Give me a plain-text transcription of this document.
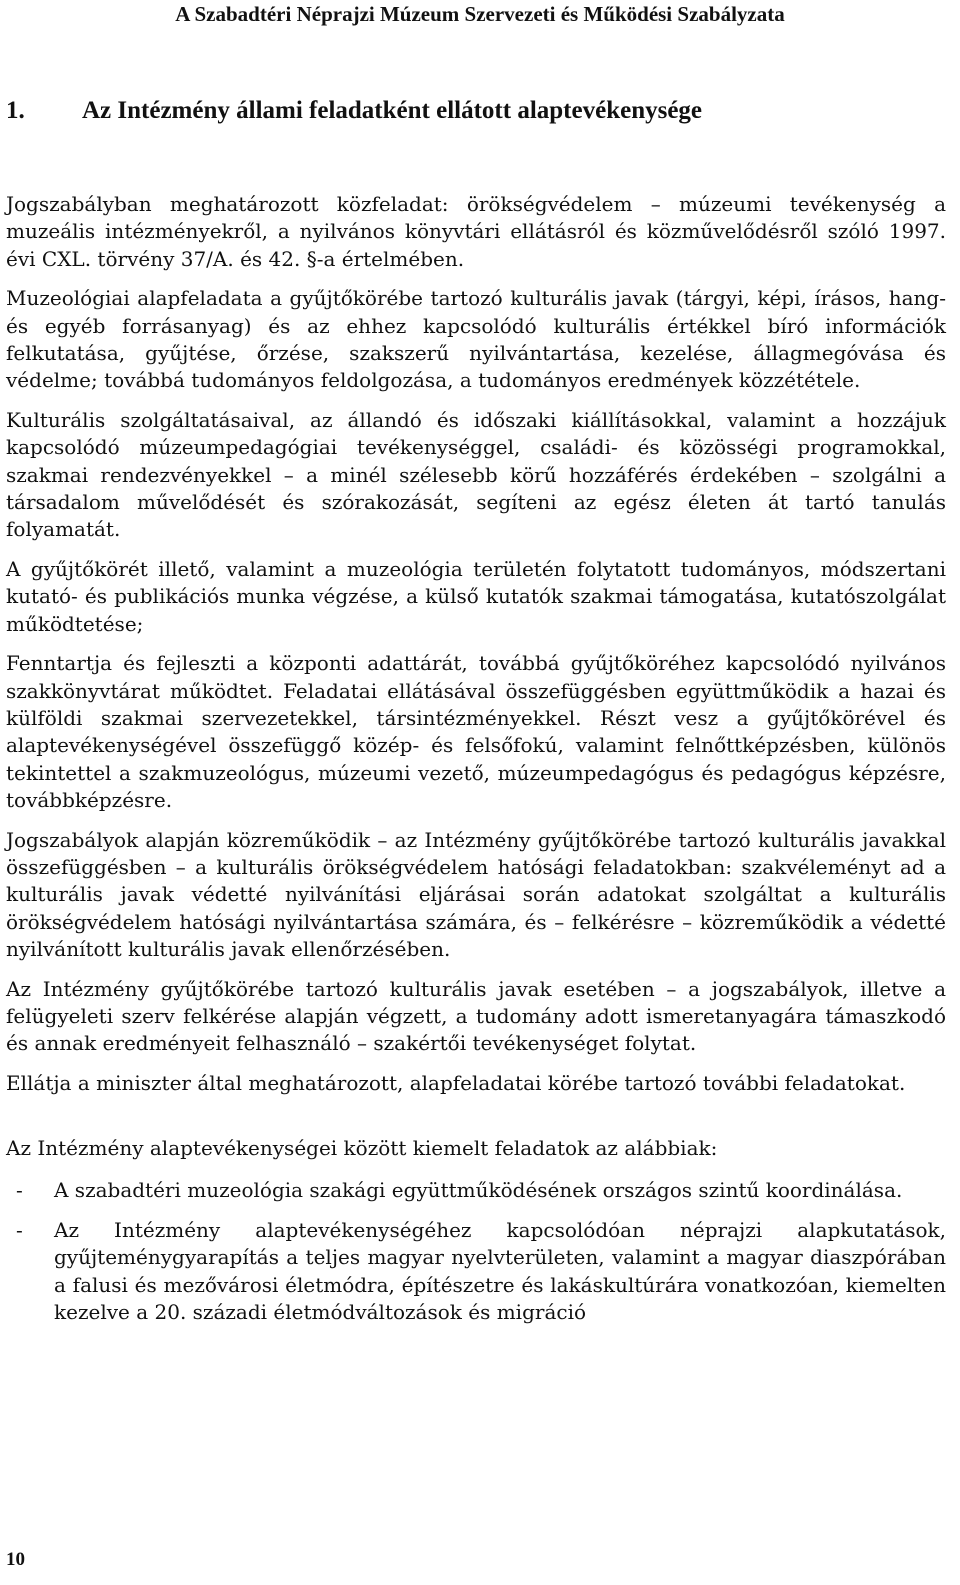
A Szabadtéri Néprajzi Múzeum Szervezeti és Működési Szabályzata
1. Az Intézmény állami feladatként ellátott alaptevékenysége

Jogszabályban meghatározott közfeladat: örökségvédelem – múzeumi tevékenység a muzeális intézményekről, a nyilvános könyvtári ellátásról és közművelődésről szóló 1997. évi CXL. törvény 37/A. és 42. §-a értelmében.

Muzeológiai alapfeladata a gyűjtőkörébe tartozó kulturális javak (tárgyi, képi, írásos, hang- és egyéb forrásanyag) és az ehhez kapcsolódó kulturális értékkel bíró információk felkutatása, gyűjtése, őrzése, szakszerű nyilvántartása, kezelése, állagmegóvása és védelme; továbbá tudományos feldolgozása, a tudományos eredmények közzététele.

Kulturális szolgáltatásaival, az állandó és időszaki kiállításokkal, valamint a hozzájuk kapcsolódó múzeumpedagógiai tevékenységgel, családi- és közösségi programokkal, szakmai rendezvényekkel – a minél szélesebb körű hozzáférés érdekében – szolgálni a társadalom művelődését és szórakozását, segíteni az egész életen át tartó tanulás folyamatát.

A gyűjtőkörét illető, valamint a muzeológia területén folytatott tudományos, módszertani kutató- és publikációs munka végzése, a külső kutatók szakmai támogatása, kutatószolgálat működtetése;

Fenntartja és fejleszti a központi adattárát, továbbá gyűjtőköréhez kapcsolódó nyilvános szakkönyvtárat működtet. Feladatai ellátásával összefüggésben együttműködik a hazai és külföldi szakmai szervezetekkel, társintézményekkel. Részt vesz a gyűjtőkörével és alaptevékenységével összefüggő közép- és felsőfokú, valamint felnőttképzésben, különös tekintettel a szakmuzeológus, múzeumi vezető, múzeumpedagógus és pedagógus képzésre, továbbképzésre.

Jogszabályok alapján közreműködik – az Intézmény gyűjtőkörébe tartozó kulturális javakkal összefüggésben – a kulturális örökségvédelem hatósági feladatokban: szakvéleményt ad a kulturális javak védetté nyilvánítási eljárásai során adatokat szolgáltat a kulturális örökségvédelem hatósági nyilvántartása számára, és – felkérésre – közreműködik a védetté nyilvánított kulturális javak ellenőrzésében.

Az Intézmény gyűjtőkörébe tartozó kulturális javak esetében – a jogszabályok, illetve a felügyeleti szerv felkérése alapján végzett, a tudomány adott ismeretanyagára támaszkodó és annak eredményeit felhasználó – szakértői tevékenységet folytat.

Ellátja a miniszter által meghatározott, alapfeladatai körébe tartozó további feladatokat.

Az Intézmény alaptevékenységei között kiemelt feladatok az alábbiak:

- A szabadtéri muzeológia szakági együttműködésének országos szintű koordinálása.
- Az Intézmény alaptevékenységéhez kapcsolódóan néprajzi alapkutatások, gyűjteménygyarapítás a teljes magyar nyelvterületen, valamint a magyar diaszpórában a falusi és mezővárosi életmódra, építészetre és lakáskultúrára vonatkozóan, kiemelten kezelve a 20. századi életmódváltozások és migráció
10
